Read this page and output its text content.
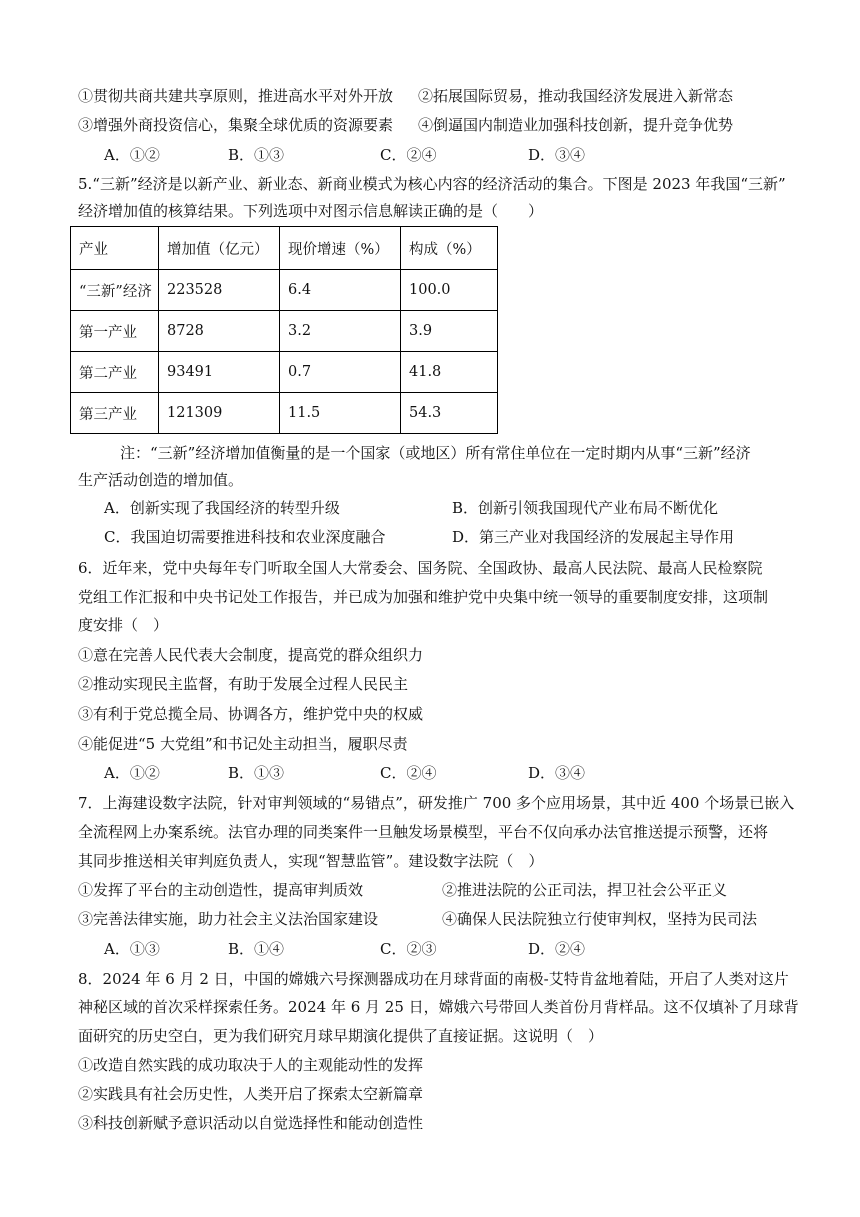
①贯彻共商共建共享原则，推进高水平对外开放 ②拓展国际贸易，推动我国经济发展进入新常态
③增强外商投资信心，集聚全球优质的资源要素 ④倒逼国内制造业加强科技创新，提升竞争优势
A．①②	B．①③	C．②④	D．③④
5.“三新”经济是以新产业、新业态、新商业模式为核心内容的经济活动的集合。下图是 2023 年我国“三新”
经济增加值的核算结果。下列选项中对图示信息解读正确的是（　　）
产业	增加值（亿元）	现价增速（%）	构成（%）
“三新”经济	223528	6.4	100.0
第一产业	8728	3.2	3.9
第二产业	93491	0.7	41.8
第三产业	121309	11.5	54.3
注：“三新”经济增加值衡量的是一个国家（或地区）所有常住单位在一定时期内从事“三新”经济
生产活动创造的增加值。
A．创新实现了我国经济的转型升级	B．创新引领我国现代产业布局不断优化
C．我国迫切需要推进科技和农业深度融合	D．第三产业对我国经济的发展起主导作用
6．近年来，党中央每年专门听取全国人大常委会、国务院、全国政协、最高人民法院、最高人民检察院
党组工作汇报和中央书记处工作报告，并已成为加强和维护党中央集中统一领导的重要制度安排，这项制
度安排（　）
①意在完善人民代表大会制度，提高党的群众组织力
②推动实现民主监督，有助于发展全过程人民民主
③有利于党总揽全局、协调各方，维护党中央的权威
④能促进“5 大党组”和书记处主动担当，履职尽责
A．①②	B．①③	C．②④	D．③④
7．上海建设数字法院，针对审判领域的“易错点”，研发推广 700 多个应用场景，其中近 400 个场景已嵌入
全流程网上办案系统。法官办理的同类案件一旦触发场景模型，平台不仅向承办法官推送提示预警，还将
其同步推送相关审判庭负责人，实现“智慧监管”。建设数字法院（　）
①发挥了平台的主动创造性，提高审判质效	②推进法院的公正司法，捍卫社会公平正义
③完善法律实施，助力社会主义法治国家建设	④确保人民法院独立行使审判权，坚持为民司法
A．①③	B．①④	C．②③	D．②④
8．2024 年 6 月 2 日，中国的嫦娥六号探测器成功在月球背面的南极-艾特肯盆地着陆，开启了人类对这片
神秘区域的首次采样探索任务。2024 年 6 月 25 日，嫦娥六号带回人类首份月背样品。这不仅填补了月球背
面研究的历史空白，更为我们研究月球早期演化提供了直接证据。这说明（　）
①改造自然实践的成功取决于人的主观能动性的发挥
②实践具有社会历史性，人类开启了探索太空新篇章
③科技创新赋予意识活动以自觉选择性和能动创造性
